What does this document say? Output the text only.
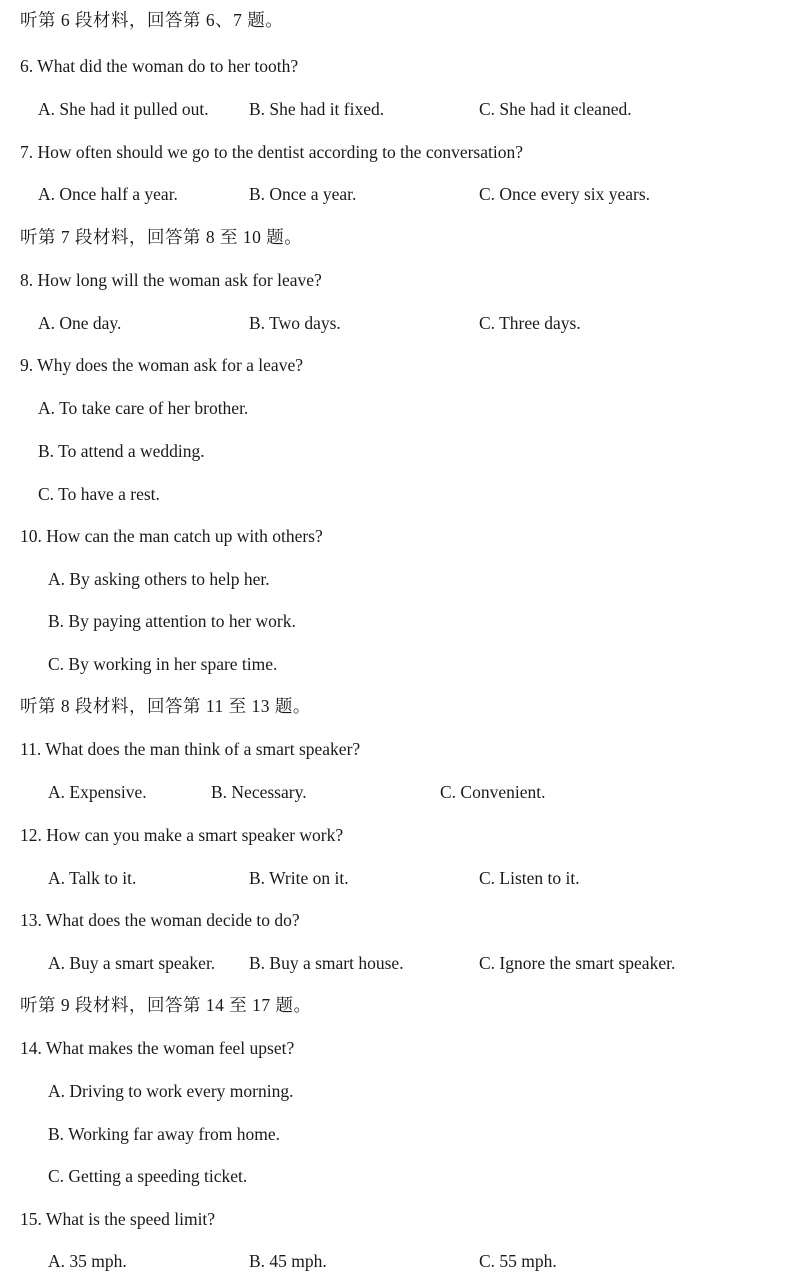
听第 6 段材料，回答第 6、7 题。
6. What did the woman do to her tooth?
A. She had it pulled out. B. She had it fixed.	C. She had it cleaned.
7. How often should we go to the dentist according to the conversation?
A. Once half a year.	B. Once a year.	C. Once every six years.
听第 7 段材料，回答第 8 至 10 题。
8. How long will the woman ask for leave?
A. One day.	B. Two days.	C. Three days.
9. Why does the woman ask for a leave?
A. To take care of her brother.
B. To attend a wedding.
C. To have a rest.
10. How can the man catch up with others?
A. By asking others to help her.
B. By paying attention to her work.
C. By working in her spare time.
听第 8 段材料，回答第 11 至 13 题。
11. What does the man think of a smart speaker?
A. Expensive.	B. Necessary.	C. Convenient.
12. How can you make a smart speaker work?
A. Talk to it.	B. Write on it.	C. Listen to it.
13. What does the woman decide to do?
A. Buy a smart speaker. B. Buy a smart house.	C. Ignore the smart speaker.
听第 9 段材料，回答第 14 至 17 题。
14. What makes the woman feel upset?
A. Driving to work every morning.
B. Working far away from home.
C. Getting a speeding ticket.
15. What is the speed limit?
A. 35 mph.	B. 45 mph.	C. 55 mph.
